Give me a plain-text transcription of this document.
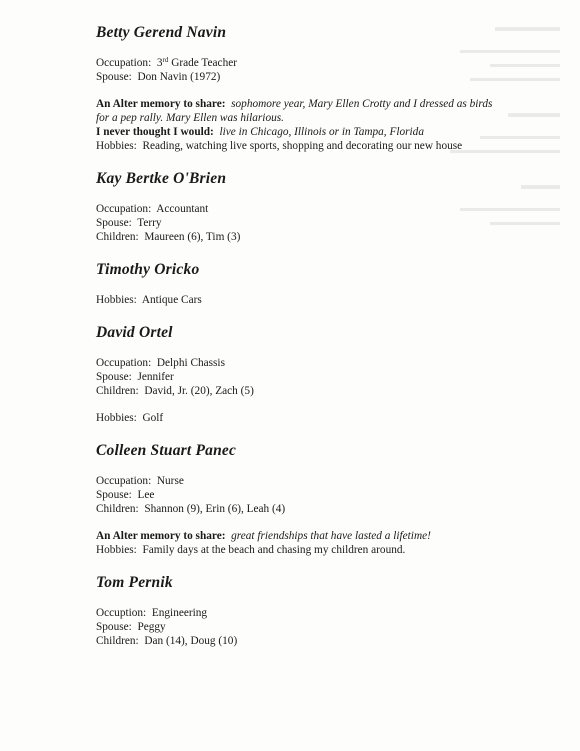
▬▬▬▬▬
▬▬▬▬▬▬▬▬▬▬
▬▬▬▬▬▬▬
▬▬▬▬▬▬▬▬▬
▬▬▬▬
▬▬▬▬▬▬▬▬
▬▬▬▬▬▬▬▬▬▬▬
▬▬▬
▬▬▬▬▬▬▬▬▬▬
▬▬▬▬▬▬▬
Betty Gerend Navin
Occupation: 3rd Grade Teacher
Spouse: Don Navin (1972)
An Alter memory to share: sophomore year, Mary Ellen Crotty and I dressed as birds
for a pep rally. Mary Ellen was hilarious.
I never thought I would: live in Chicago, Illinois or in Tampa, Florida
Hobbies: Reading, watching live sports, shopping and decorating our new house
Kay Bertke O'Brien
Occupation: Accountant
Spouse: Terry
Children: Maureen (6), Tim (3)
Timothy Oricko
Hobbies: Antique Cars
David Ortel
Occupation: Delphi Chassis
Spouse: Jennifer
Children: David, Jr. (20), Zach (5)
Hobbies: Golf
Colleen Stuart Panec
Occupation: Nurse
Spouse: Lee
Children: Shannon (9), Erin (6), Leah (4)
An Alter memory to share: great friendships that have lasted a lifetime!
Hobbies: Family days at the beach and chasing my children around.
Tom Pernik
Occuption: Engineering
Spouse: Peggy
Children: Dan (14), Doug (10)
